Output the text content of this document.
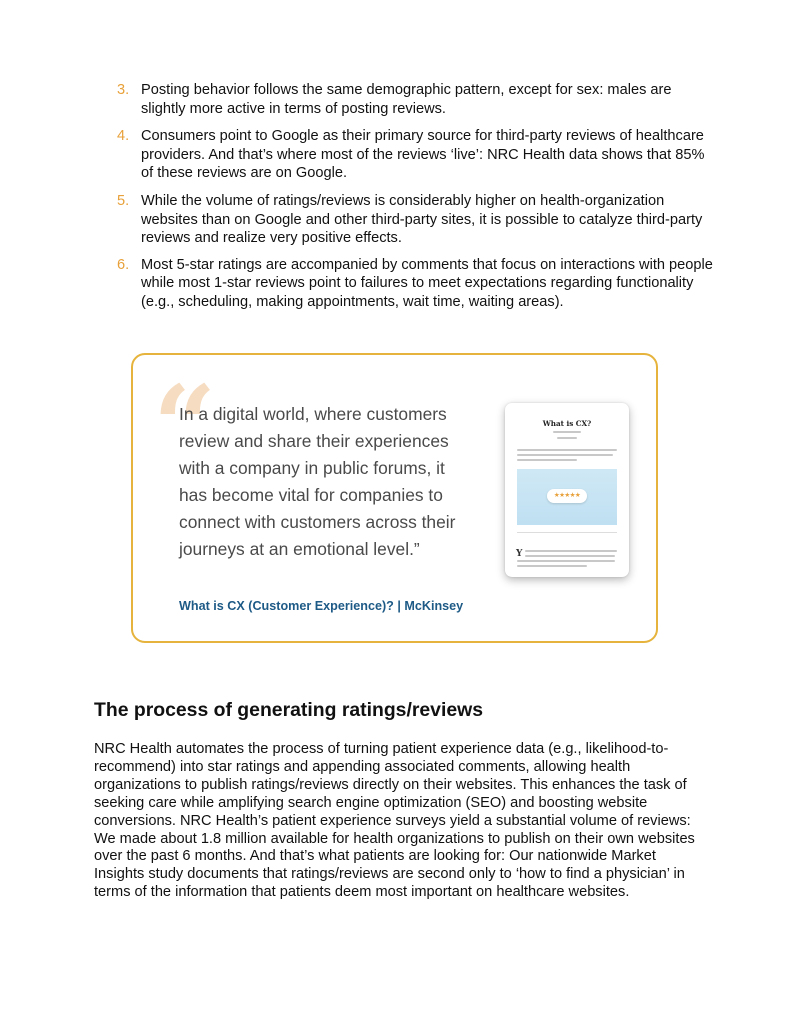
3. Posting behavior follows the same demographic pattern, except for sex: males are slightly more active in terms of posting reviews.
4. Consumers point to Google as their primary source for third-party reviews of healthcare providers. And that’s where most of the reviews ‘live’: NRC Health data shows that 85% of these reviews are on Google.
5. While the volume of ratings/reviews is considerably higher on health-organization websites than on Google and other third-party sites, it is possible to catalyze third-party reviews and realize very positive effects.
6. Most 5-star ratings are accompanied by comments that focus on interactions with people while most 1-star reviews point to failures to meet expectations regarding functionality (e.g., scheduling, making appointments, wait time, waiting areas).
“
In a digital world, where customers review and share their experiences with a company in public forums, it has become vital for companies to connect with customers across their journeys at an emotional level.”
What is CX (Customer Experience)? | McKinsey
What is CX?
★★★★★
Y
The process of generating ratings/reviews

NRC Health automates the process of turning patient experience data (e.g., likelihood-to-recommend) into star ratings and appending associated comments, allowing health organizations to publish ratings/reviews directly on their websites. This enhances the task of seeking care while amplifying search engine optimization (SEO) and boosting website conversions. NRC Health’s patient experience surveys yield a substantial volume of reviews: We made about 1.8 million available for health organizations to publish on their own websites over the past 6 months. And that’s what patients are looking for: Our nationwide Market Insights study documents that ratings/reviews are second only to ‘how to find a physician’ in terms of the information that patients deem most important on healthcare websites.
